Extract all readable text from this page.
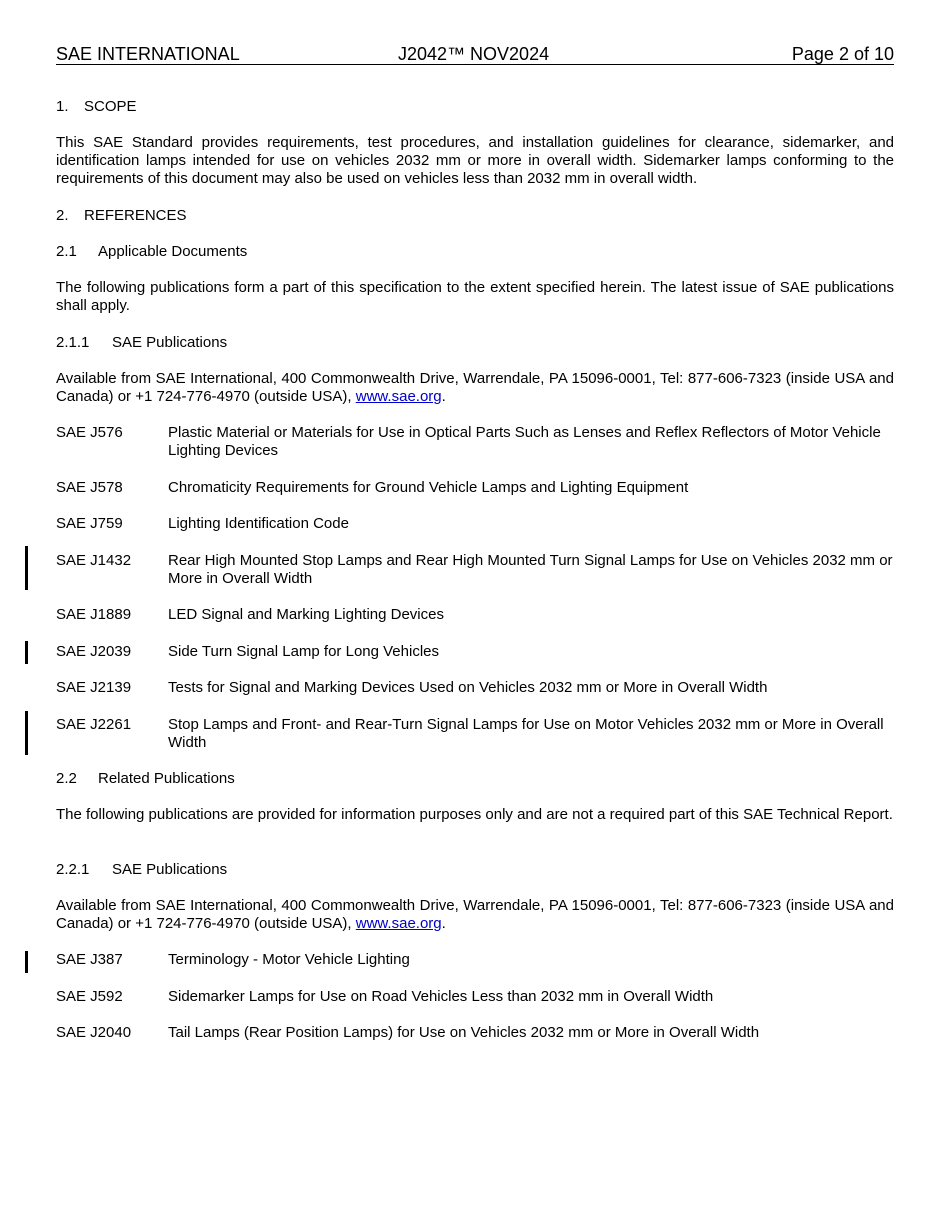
SAE INTERNATIONAL	J2042™ NOV2024	Page 2 of 10
1. SCOPE
This SAE Standard provides requirements, test procedures, and installation guidelines for clearance, sidemarker, and identification lamps intended for use on vehicles 2032 mm or more in overall width. Sidemarker lamps conforming to the requirements of this document may also be used on vehicles less than 2032 mm in overall width.
2. REFERENCES
2.1 Applicable Documents
The following publications form a part of this specification to the extent specified herein. The latest issue of SAE publications shall apply.
2.1.1 SAE Publications
Available from SAE International, 400 Commonwealth Drive, Warrendale, PA 15096-0001, Tel: 877-606-7323 (inside USA and Canada) or +1 724-776-4970 (outside USA), www.sae.org.
SAE J576	Plastic Material or Materials for Use in Optical Parts Such as Lenses and Reflex Reflectors of Motor Vehicle Lighting Devices
SAE J578	Chromaticity Requirements for Ground Vehicle Lamps and Lighting Equipment
SAE J759	Lighting Identification Code
SAE J1432 Rear High Mounted Stop Lamps and Rear High Mounted Turn Signal Lamps for Use on Vehicles 2032 mm or More in Overall Width
SAE J1889 LED Signal and Marking Lighting Devices
SAE J2039 Side Turn Signal Lamp for Long Vehicles
SAE J2139 Tests for Signal and Marking Devices Used on Vehicles 2032 mm or More in Overall Width
SAE J2261 Stop Lamps and Front- and Rear-Turn Signal Lamps for Use on Motor Vehicles 2032 mm or More in Overall Width
2.2 Related Publications
The following publications are provided for information purposes only and are not a required part of this SAE Technical Report.
2.2.1 SAE Publications
Available from SAE International, 400 Commonwealth Drive, Warrendale, PA 15096-0001, Tel: 877-606-7323 (inside USA and Canada) or +1 724-776-4970 (outside USA), www.sae.org.
SAE J387	Terminology - Motor Vehicle Lighting
SAE J592	Sidemarker Lamps for Use on Road Vehicles Less than 2032 mm in Overall Width
SAE J2040 Tail Lamps (Rear Position Lamps) for Use on Vehicles 2032 mm or More in Overall Width
